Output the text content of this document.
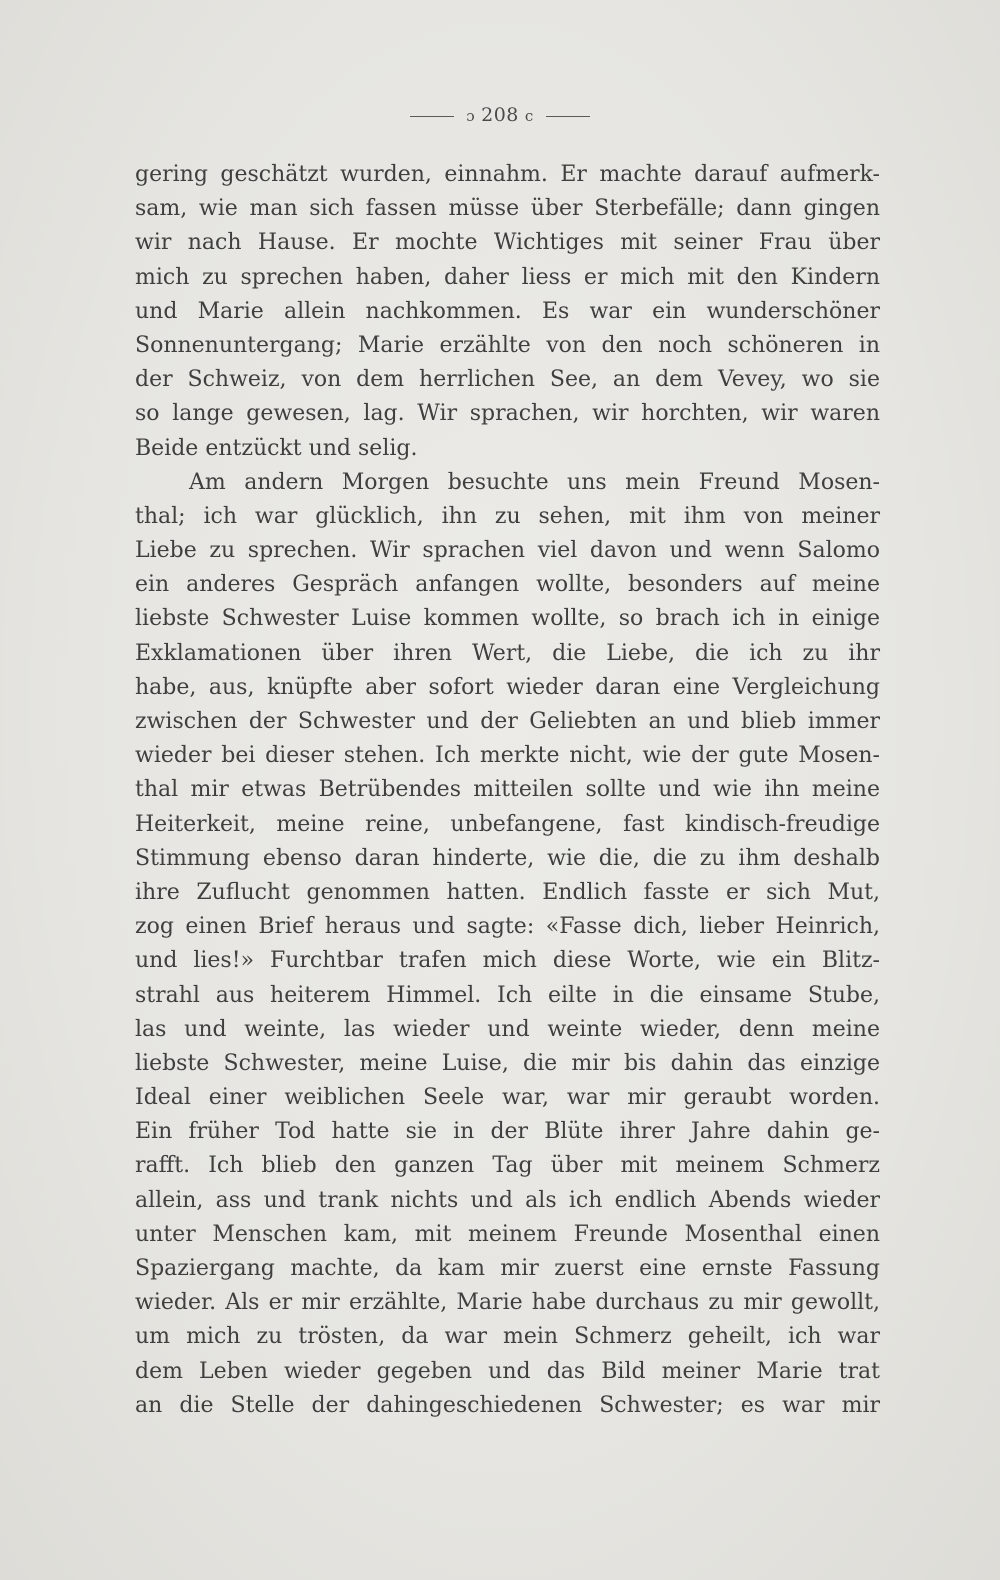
ɔ 208 c
gering geschätzt wurden, einnahm. Er machte darauf aufmerk-
sam, wie man sich fassen müsse über Sterbefälle; dann gingen
wir nach Hause. Er mochte Wichtiges mit seiner Frau über
mich zu sprechen haben, daher liess er mich mit den Kindern
und Marie allein nachkommen. Es war ein wunderschöner
Sonnenuntergang; Marie erzählte von den noch schöneren in
der Schweiz, von dem herrlichen See, an dem Vevey, wo sie
so lange gewesen, lag. Wir sprachen, wir horchten, wir waren
Beide entzückt und selig.
Am andern Morgen besuchte uns mein Freund Mosen-
thal; ich war glücklich, ihn zu sehen, mit ihm von meiner
Liebe zu sprechen. Wir sprachen viel davon und wenn Salomo
ein anderes Gespräch anfangen wollte, besonders auf meine
liebste Schwester Luise kommen wollte, so brach ich in einige
Exklamationen über ihren Wert, die Liebe, die ich zu ihr
habe, aus, knüpfte aber sofort wieder daran eine Vergleichung
zwischen der Schwester und der Geliebten an und blieb immer
wieder bei dieser stehen. Ich merkte nicht, wie der gute Mosen-
thal mir etwas Betrübendes mitteilen sollte und wie ihn meine
Heiterkeit, meine reine, unbefangene, fast kindisch-freudige
Stimmung ebenso daran hinderte, wie die, die zu ihm deshalb
ihre Zuflucht genommen hatten. Endlich fasste er sich Mut,
zog einen Brief heraus und sagte: «Fasse dich, lieber Heinrich,
und lies!» Furchtbar trafen mich diese Worte, wie ein Blitz-
strahl aus heiterem Himmel. Ich eilte in die einsame Stube,
las und weinte, las wieder und weinte wieder, denn meine
liebste Schwester, meine Luise, die mir bis dahin das einzige
Ideal einer weiblichen Seele war, war mir geraubt worden.
Ein früher Tod hatte sie in der Blüte ihrer Jahre dahin ge-
rafft. Ich blieb den ganzen Tag über mit meinem Schmerz
allein, ass und trank nichts und als ich endlich Abends wieder
unter Menschen kam, mit meinem Freunde Mosenthal einen
Spaziergang machte, da kam mir zuerst eine ernste Fassung
wieder. Als er mir erzählte, Marie habe durchaus zu mir gewollt,
um mich zu trösten, da war mein Schmerz geheilt, ich war
dem Leben wieder gegeben und das Bild meiner Marie trat
an die Stelle der dahingeschiedenen Schwester; es war mir
